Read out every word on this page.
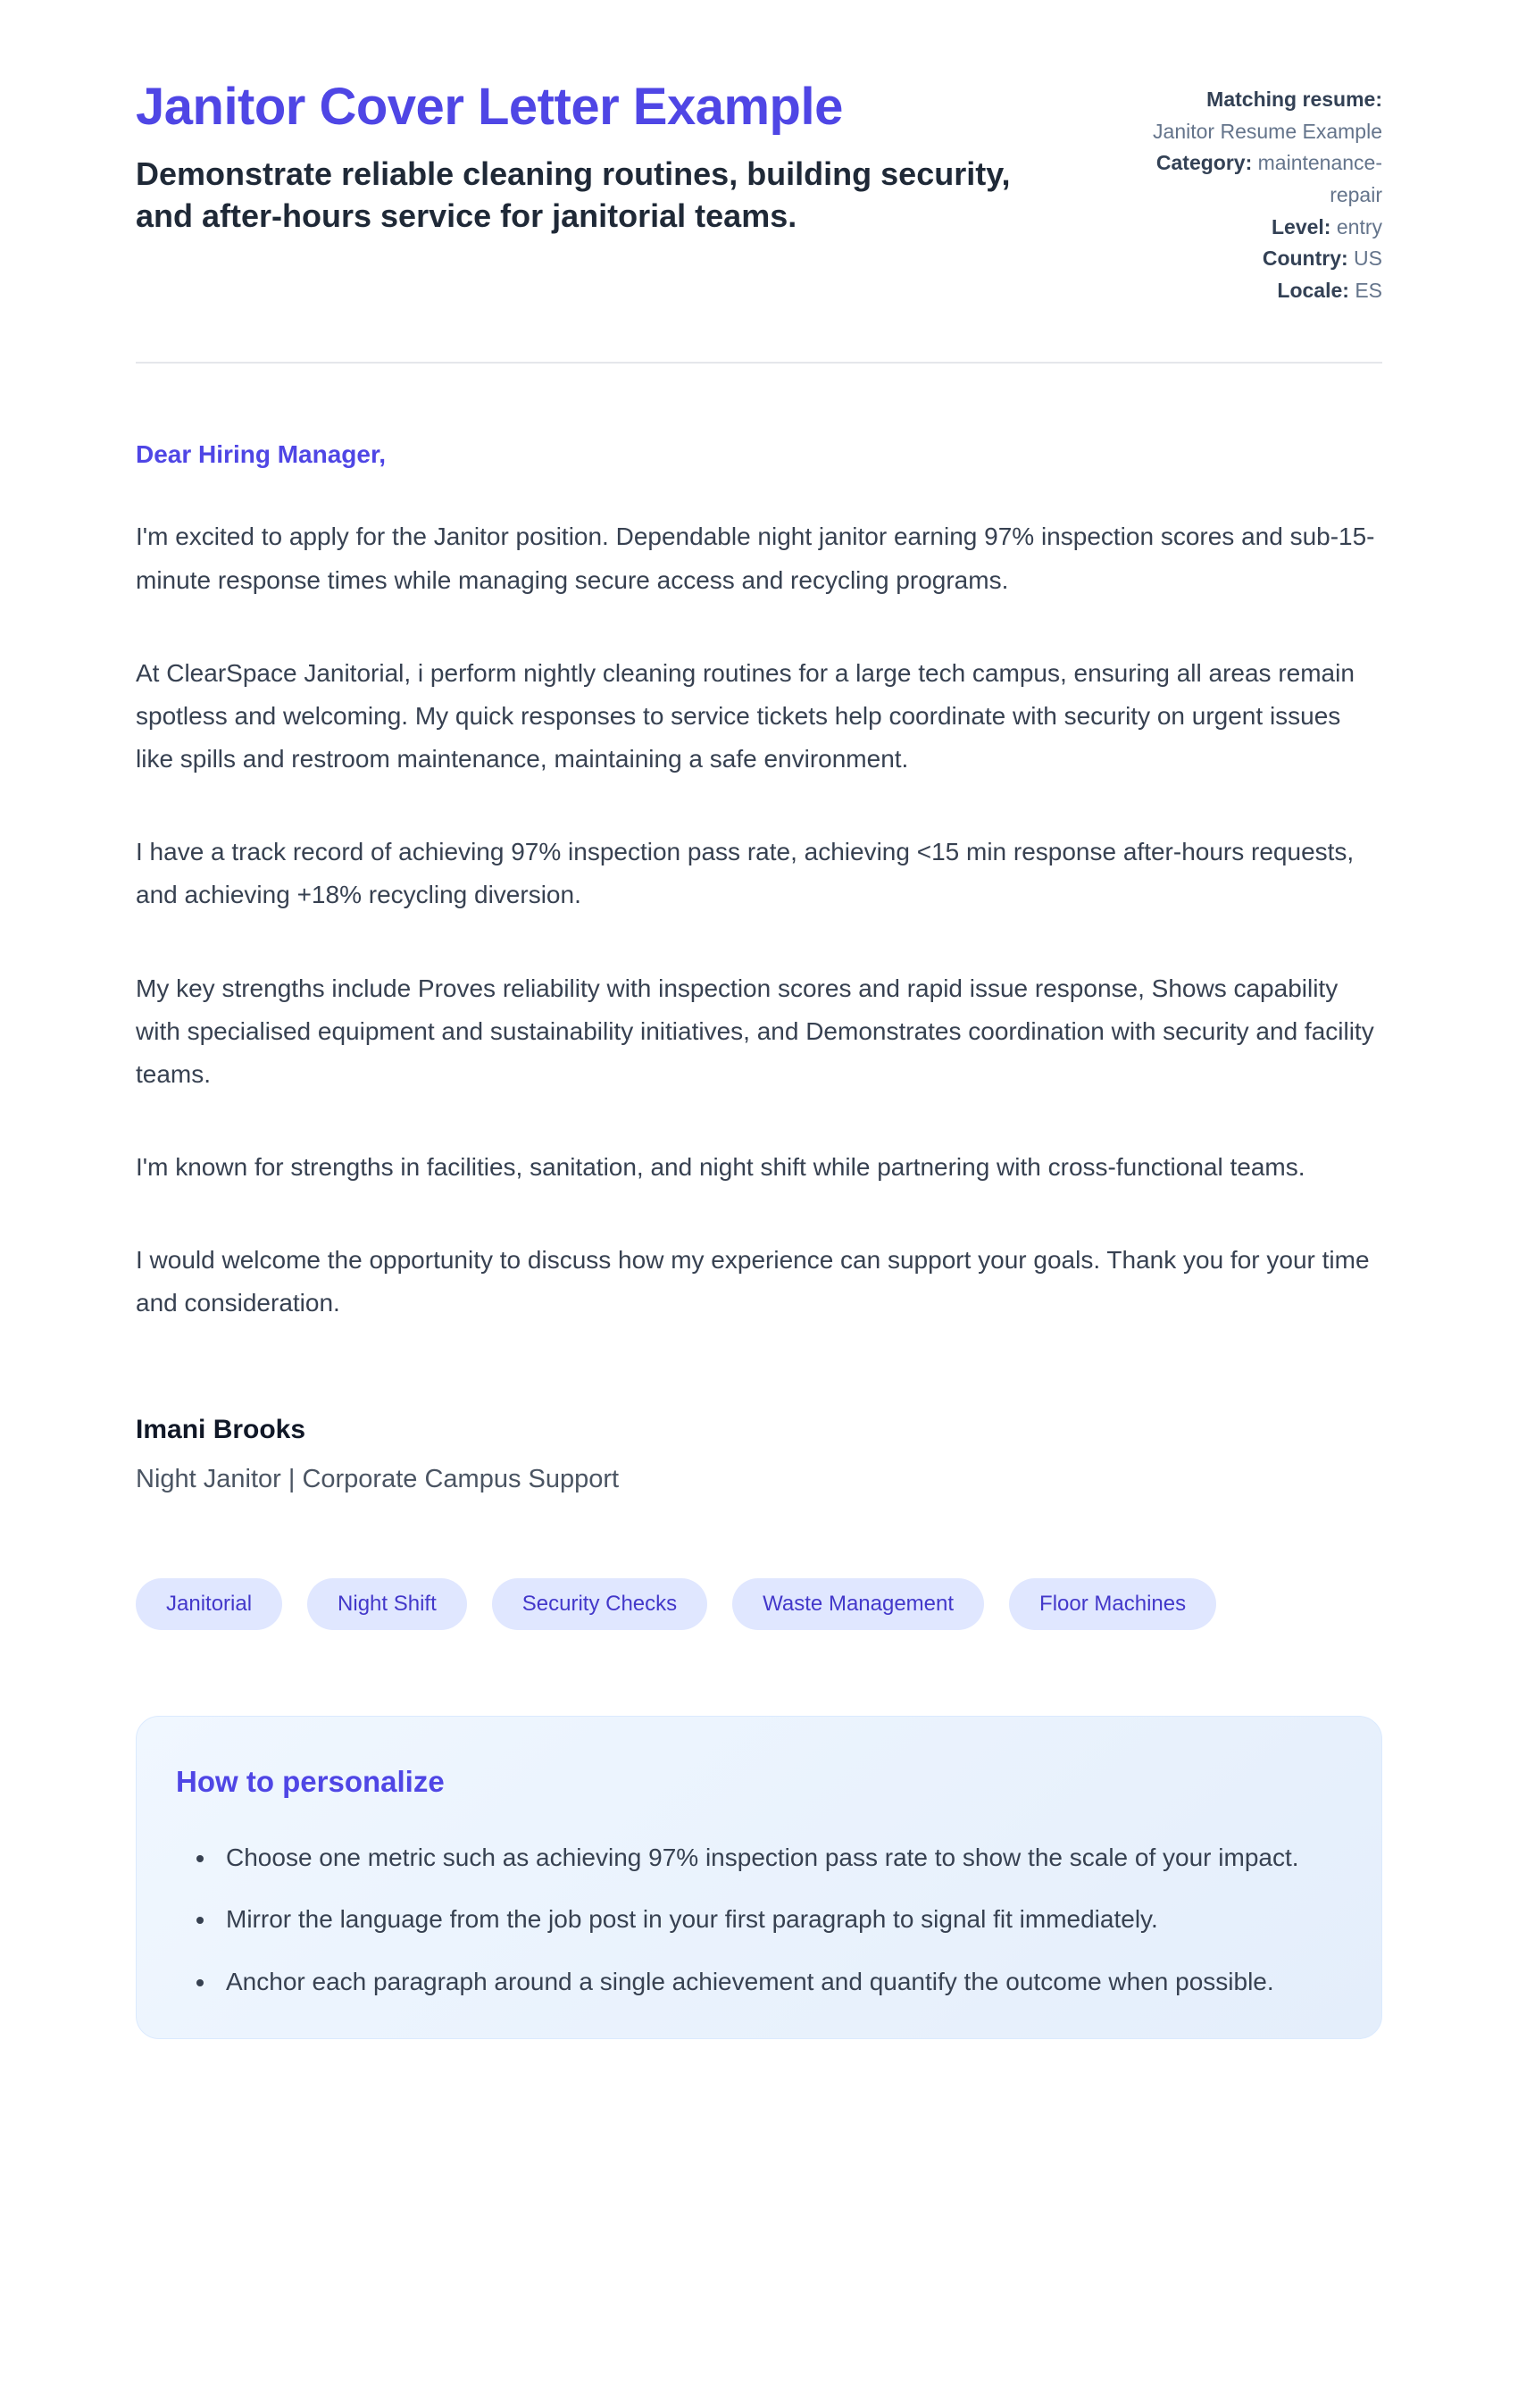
Janitor Cover Letter Example

Demonstrate reliable cleaning routines, building security, and after-hours service for janitorial teams.

Matching resume: Janitor Resume Example
Category: maintenance-repair
Level: entry
Country: US
Locale: ES

Dear Hiring Manager,

I'm excited to apply for the Janitor position. Dependable night janitor earning 97% inspection scores and sub-15-minute response times while managing secure access and recycling programs.

At ClearSpace Janitorial, i perform nightly cleaning routines for a large tech campus, ensuring all areas remain spotless and welcoming. My quick responses to service tickets help coordinate with security on urgent issues like spills and restroom maintenance, maintaining a safe environment.

I have a track record of achieving 97% inspection pass rate, achieving <15 min response after-hours requests, and achieving +18% recycling diversion.

My key strengths include Proves reliability with inspection scores and rapid issue response, Shows capability with specialised equipment and sustainability initiatives, and Demonstrates coordination with security and facility teams.

I'm known for strengths in facilities, sanitation, and night shift while partnering with cross-functional teams.

I would welcome the opportunity to discuss how my experience can support your goals. Thank you for your time and consideration.

Imani Brooks
Night Janitor | Corporate Campus Support
Janitorial	Night Shift	Security Checks	Waste Management	Floor Machines
How to personalize
• Choose one metric such as achieving 97% inspection pass rate to show the scale of your impact.
• Mirror the language from the job post in your first paragraph to signal fit immediately.
• Anchor each paragraph around a single achievement and quantify the outcome when possible.
